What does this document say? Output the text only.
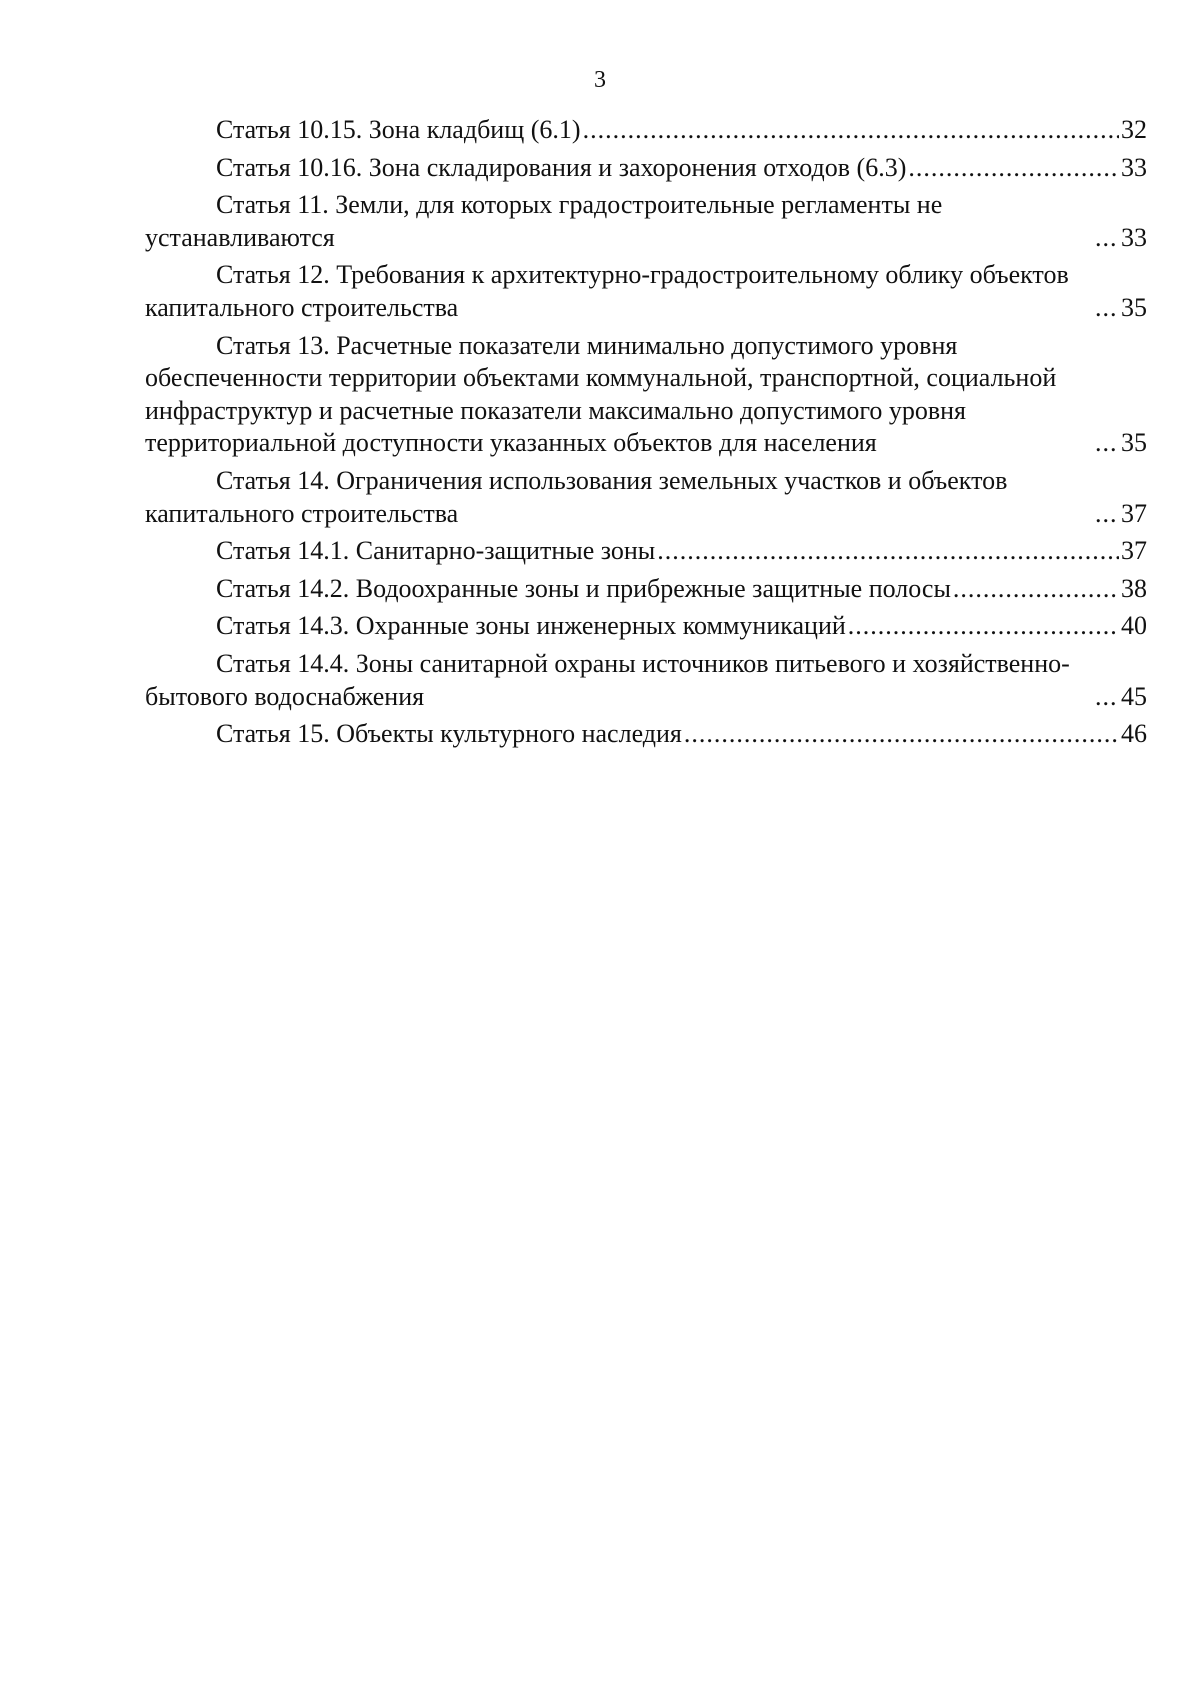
3
Статья 10.15. Зона кладбищ (6.1) .....	32
Статья 10.16. Зона складирования и захоронения отходов (6.3) .....	33
Статья 11. Земли, для которых градостроительные регламенты не устанавливаются .....	33
Статья 12. Требования к архитектурно-градостроительному облику объектов капитального строительства .....	35
Статья 13. Расчетные показатели минимально допустимого уровня обеспеченности территории объектами коммунальной, транспортной, социальной инфраструктур и расчетные показатели максимально допустимого уровня территориальной доступности указанных объектов для населения .....	35
Статья 14. Ограничения использования земельных участков и объектов капитального строительства .....	37
Статья 14.1. Санитарно-защитные зоны .....	37
Статья 14.2. Водоохранные зоны и прибрежные защитные полосы .....	38
Статья 14.3. Охранные зоны инженерных коммуникаций .....	40
Статья 14.4. Зоны санитарной охраны источников питьевого и хозяйственно-бытового водоснабжения .....	45
Статья 15. Объекты культурного наследия .....	46
